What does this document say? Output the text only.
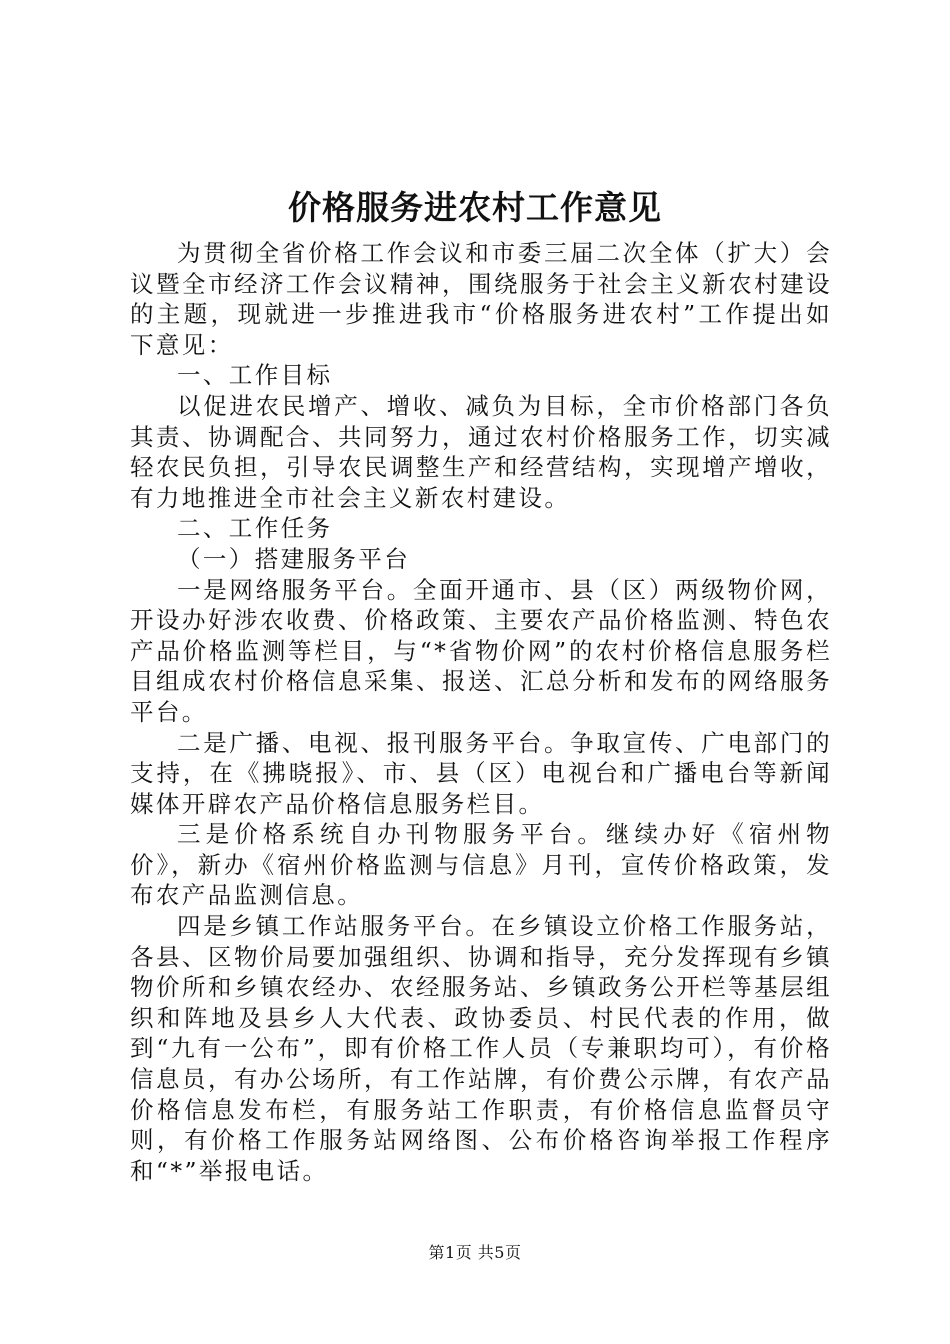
价格服务进农村工作意见

为贯彻全省价格工作会议和市委三届二次全体（扩大）会议暨全市经济工作会议精神，围绕服务于社会主义新农村建设的主题，现就进一步推进我市“价格服务进农村”工作提出如下意见：

一、工作目标

以促进农民增产、增收、减负为目标，全市价格部门各负其责、协调配合、共同努力，通过农村价格服务工作，切实减轻农民负担，引导农民调整生产和经营结构，实现增产增收，有力地推进全市社会主义新农村建设。

二、工作任务

（一）搭建服务平台

一是网络服务平台。全面开通市、县（区）两级物价网，开设办好涉农收费、价格政策、主要农产品价格监测、特色农产品价格监测等栏目，与“*省物价网”的农村价格信息服务栏目组成农村价格信息采集、报送、汇总分析和发布的网络服务平台。

二是广播、电视、报刊服务平台。争取宣传、广电部门的支持，在《拂晓报》、市、县（区）电视台和广播电台等新闻媒体开辟农产品价格信息服务栏目。

三是价格系统自办刊物服务平台。继续办好《宿州物价》，新办《宿州价格监测与信息》月刊，宣传价格政策，发布农产品监测信息。

四是乡镇工作站服务平台。在乡镇设立价格工作服务站，各县、区物价局要加强组织、协调和指导，充分发挥现有乡镇物价所和乡镇农经办、农经服务站、乡镇政务公开栏等基层组织和阵地及县乡人大代表、政协委员、村民代表的作用，做到“九有一公布”，即有价格工作人员（专兼职均可），有价格信息员，有办公场所，有工作站牌，有价费公示牌，有农产品价格信息发布栏，有服务站工作职责，有价格信息监督员守则，有价格工作服务站网络图、公布价格咨询举报工作程序和“*”举报电话。

第1页 共5页
